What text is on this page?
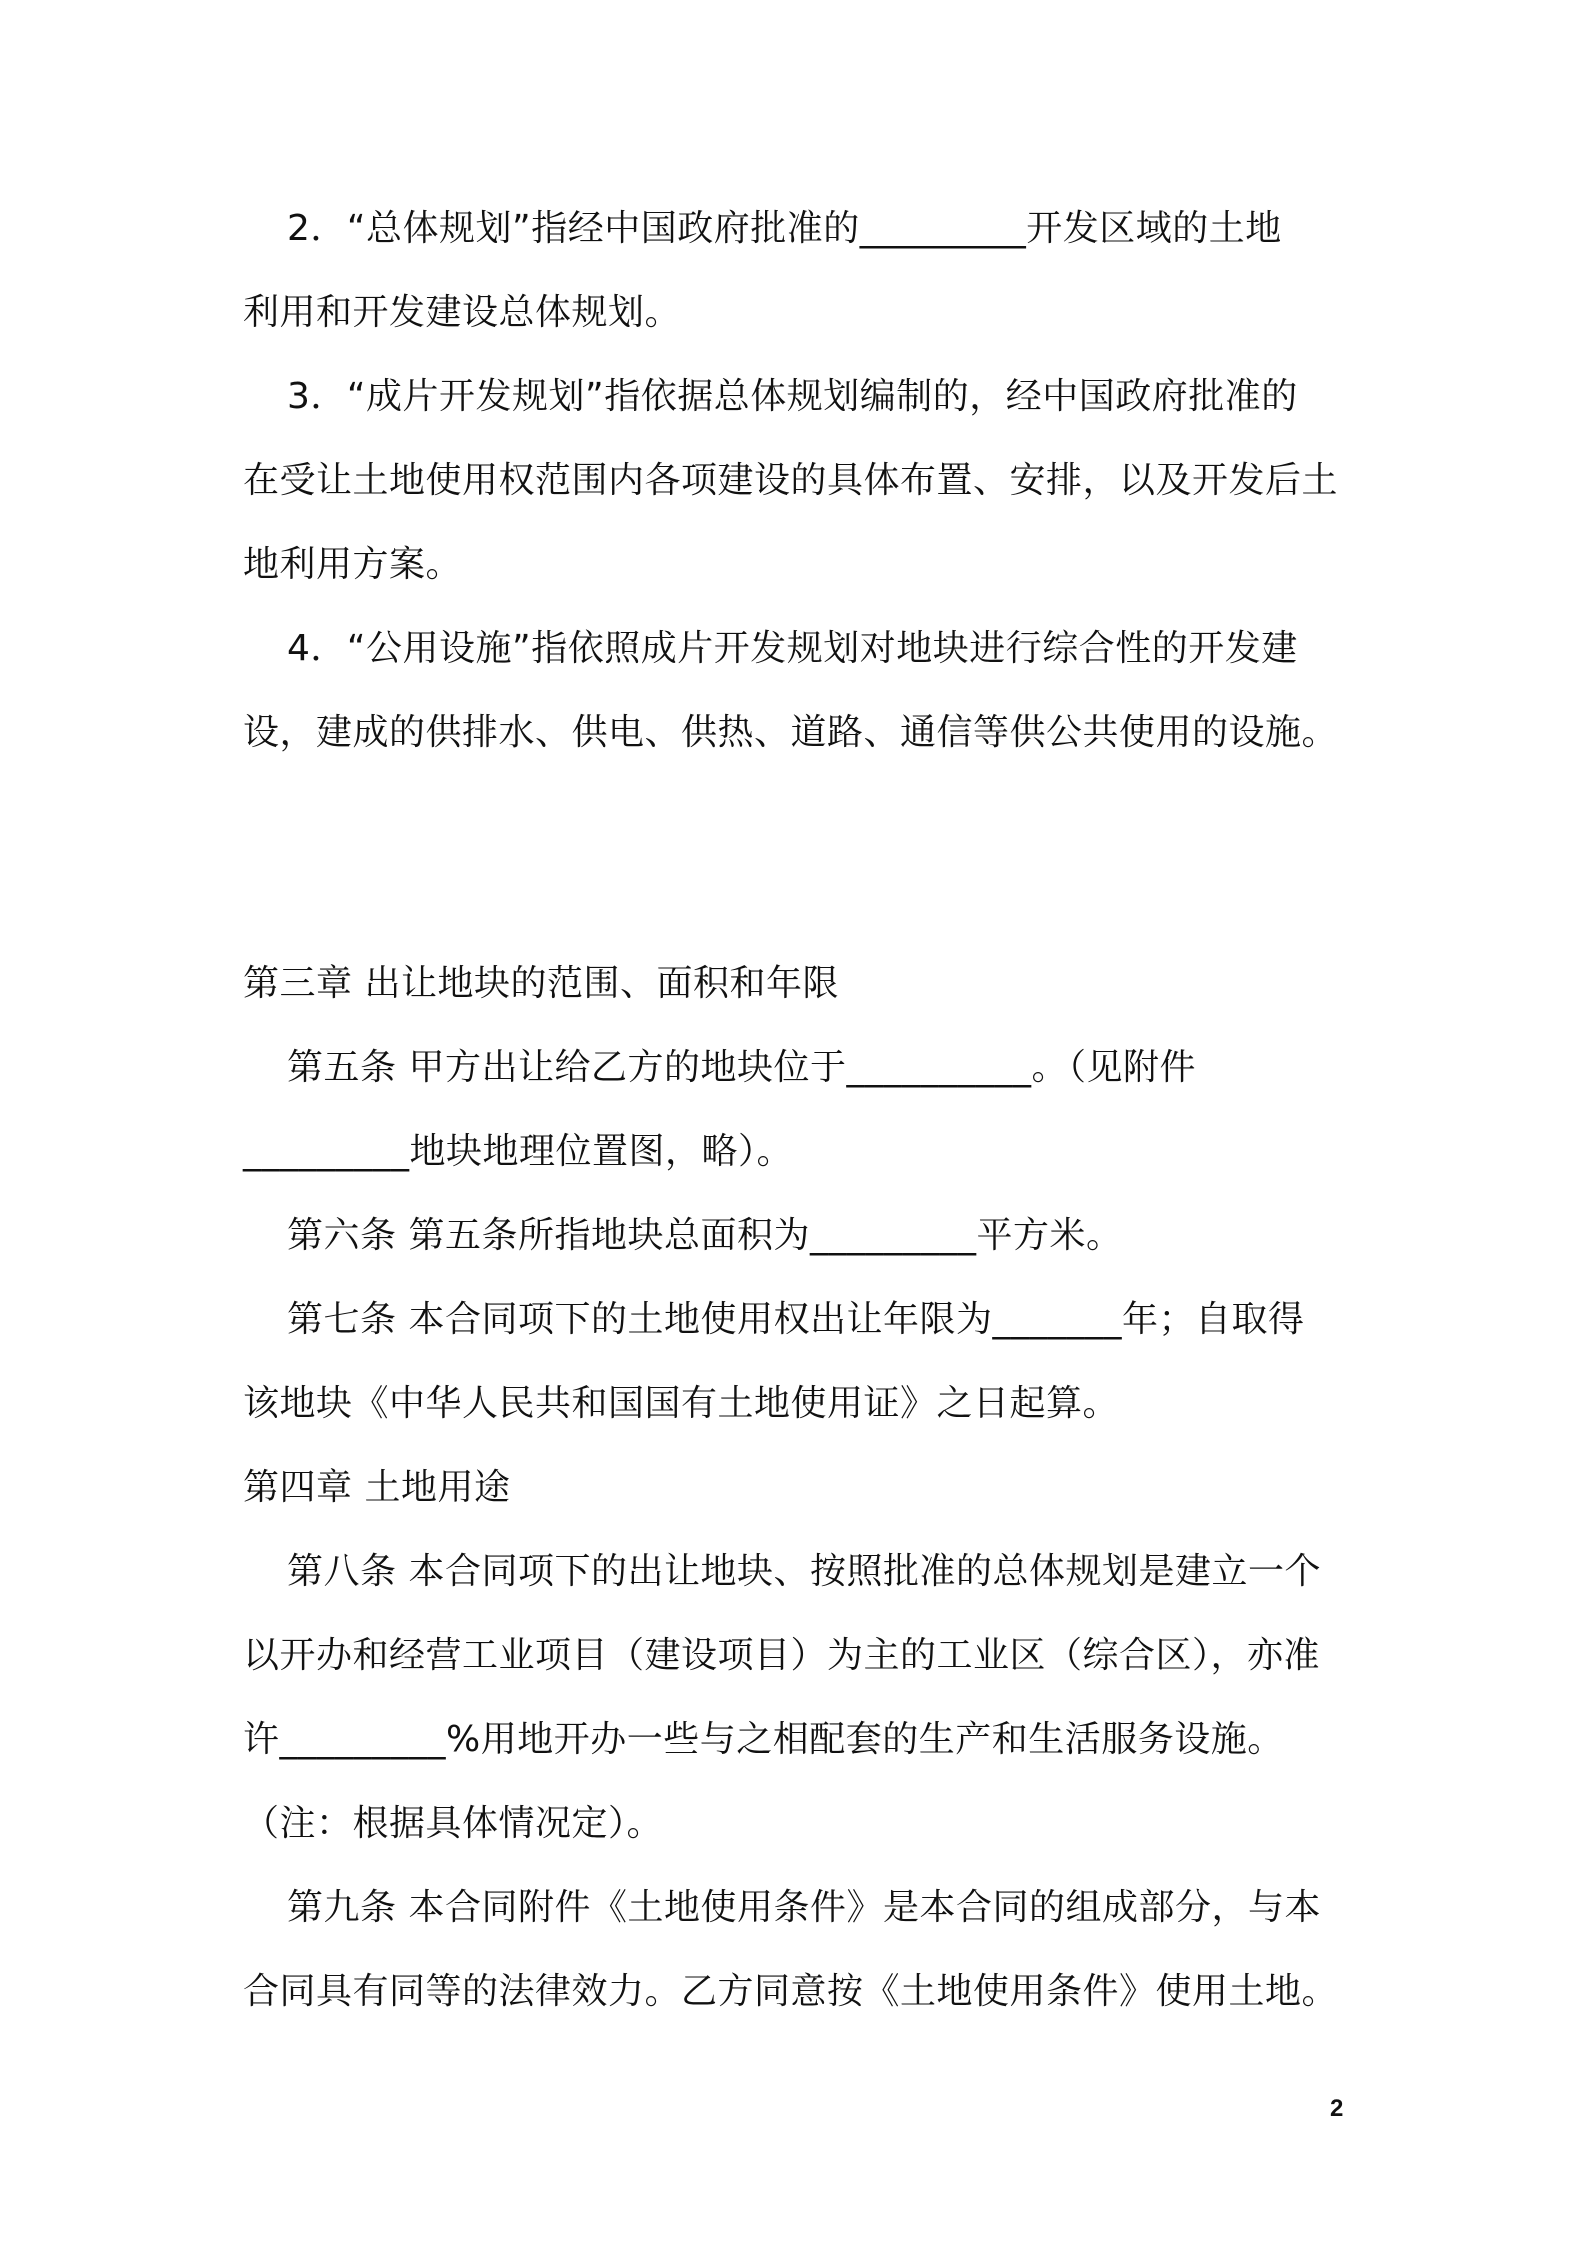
2．“总体规划”指经中国政府批准的_________开发区域的土地
利用和开发建设总体规划。
3．“成片开发规划”指依据总体规划编制的，经中国政府批准的
在受让土地使用权范围内各项建设的具体布置、安排，以及开发后土
地利用方案。
4．“公用设施”指依照成片开发规划对地块进行综合性的开发建
设，建成的供排水、供电、供热、道路、通信等供公共使用的设施。
第三章 出让地块的范围、面积和年限
第五条 甲方出让给乙方的地块位于__________。（见附件
_________地块地理位置图，略）。
第六条 第五条所指地块总面积为_________平方米。
第七条 本合同项下的土地使用权出让年限为_______年；自取得
该地块《中华人民共和国国有土地使用证》之日起算。
第四章 土地用途
第八条 本合同项下的出让地块、按照批准的总体规划是建立一个
以开办和经营工业项目（建设项目）为主的工业区（综合区），亦准
许_________%用地开办一些与之相配套的生产和生活服务设施。
（注：根据具体情况定）。
第九条 本合同附件《土地使用条件》是本合同的组成部分，与本
合同具有同等的法律效力。乙方同意按《土地使用条件》使用土地。
2
